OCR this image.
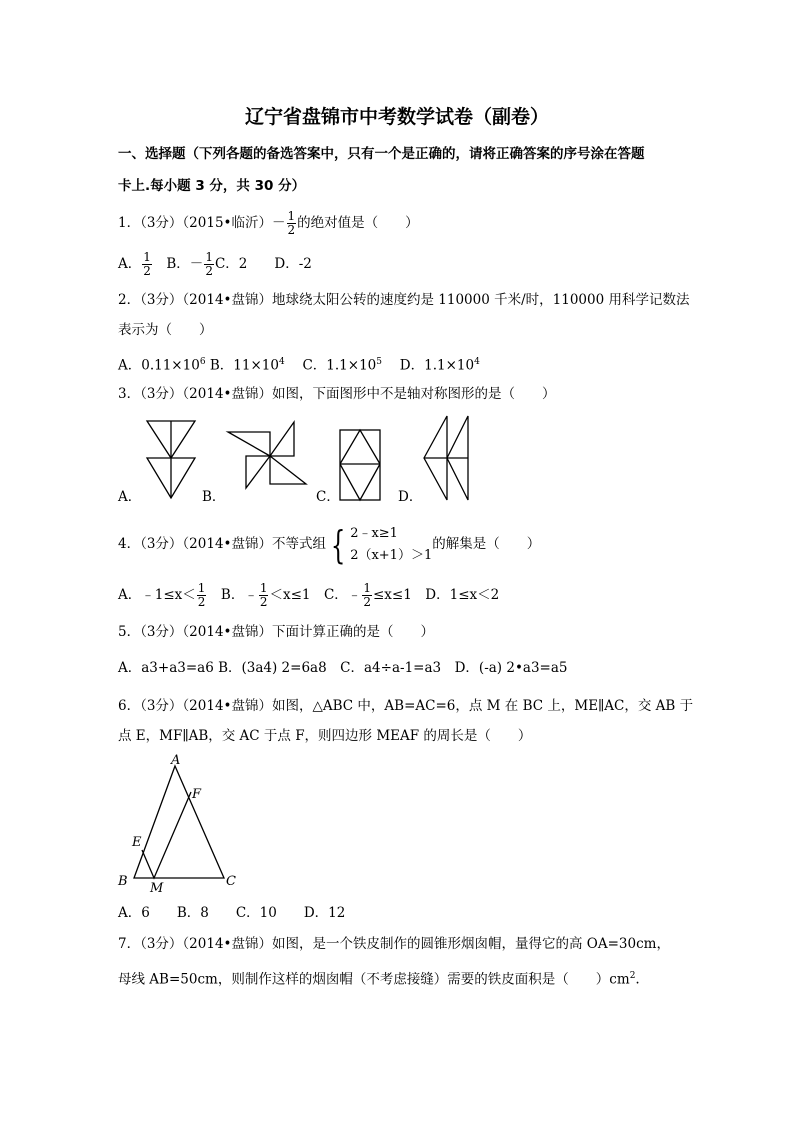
辽宁省盘锦市中考数学试卷（副卷）
一、选择题（下列各题的备选答案中，只有一个是正确的，请将正确答案的序号涂在答题
卡上.每小题 3 分，共 30 分）
1．（3分）（2015•临沂）－ $\frac{1}{2}$ 的绝对值是（　　）
A． $\frac{1}{2}$ 　B．－ $\frac{1}{2}$ C．2　　D．-2
2．（3分）（2014•盘锦）地球绕太阳公转的速度约是 110000 千米/时，110000 用科学记数法
表示为（　　）
A．$0.11\times 10^6$ B．$11\times 10^4$　 C．$1.1\times 10^5$　 D．$1.1\times 10^4$
3．（3分）（2014•盘锦）如图，下面图形中不是轴对称图形的是（　　）
A．	B．	C．	D．
4．（3分）（2014•盘锦）不等式组 { 2﹣x≥1
2（x+1）＞1
的解集是（　　）
A．﹣1≤x＜ $\frac{1}{2}$ 　B．﹣ $\frac{1}{2} <x\le 1$　C．﹣ $\frac{1}{2} \le x\le 1$　D．1≤x＜2
5．（3分）（2014•盘锦）下面计算正确的是（　　）
A．a3+a3=a6 B．(3a4) 2=6a8　C．a4÷a-1=a3　D．(-a) 2•a3=a5
6．（3分）（2014•盘锦）如图，△ABC 中，AB=AC=6，点 M 在 BC 上，ME∥AC，交 AB 于
点 E，MF∥AB，交 AC 于点 F，则四边形 MEAF 的周长是（　　）
A
F
E
B M	C
A．6　　B．8　　C．10　　D．12
7．（3分）（2014•盘锦）如图，是一个铁皮制作的圆锥形烟囱帽，量得它的高 OA=30cm，
母线 AB=50cm，则制作这样的烟囱帽（不考虑接缝）需要的铁皮面积是（　　）$cm^2$.
